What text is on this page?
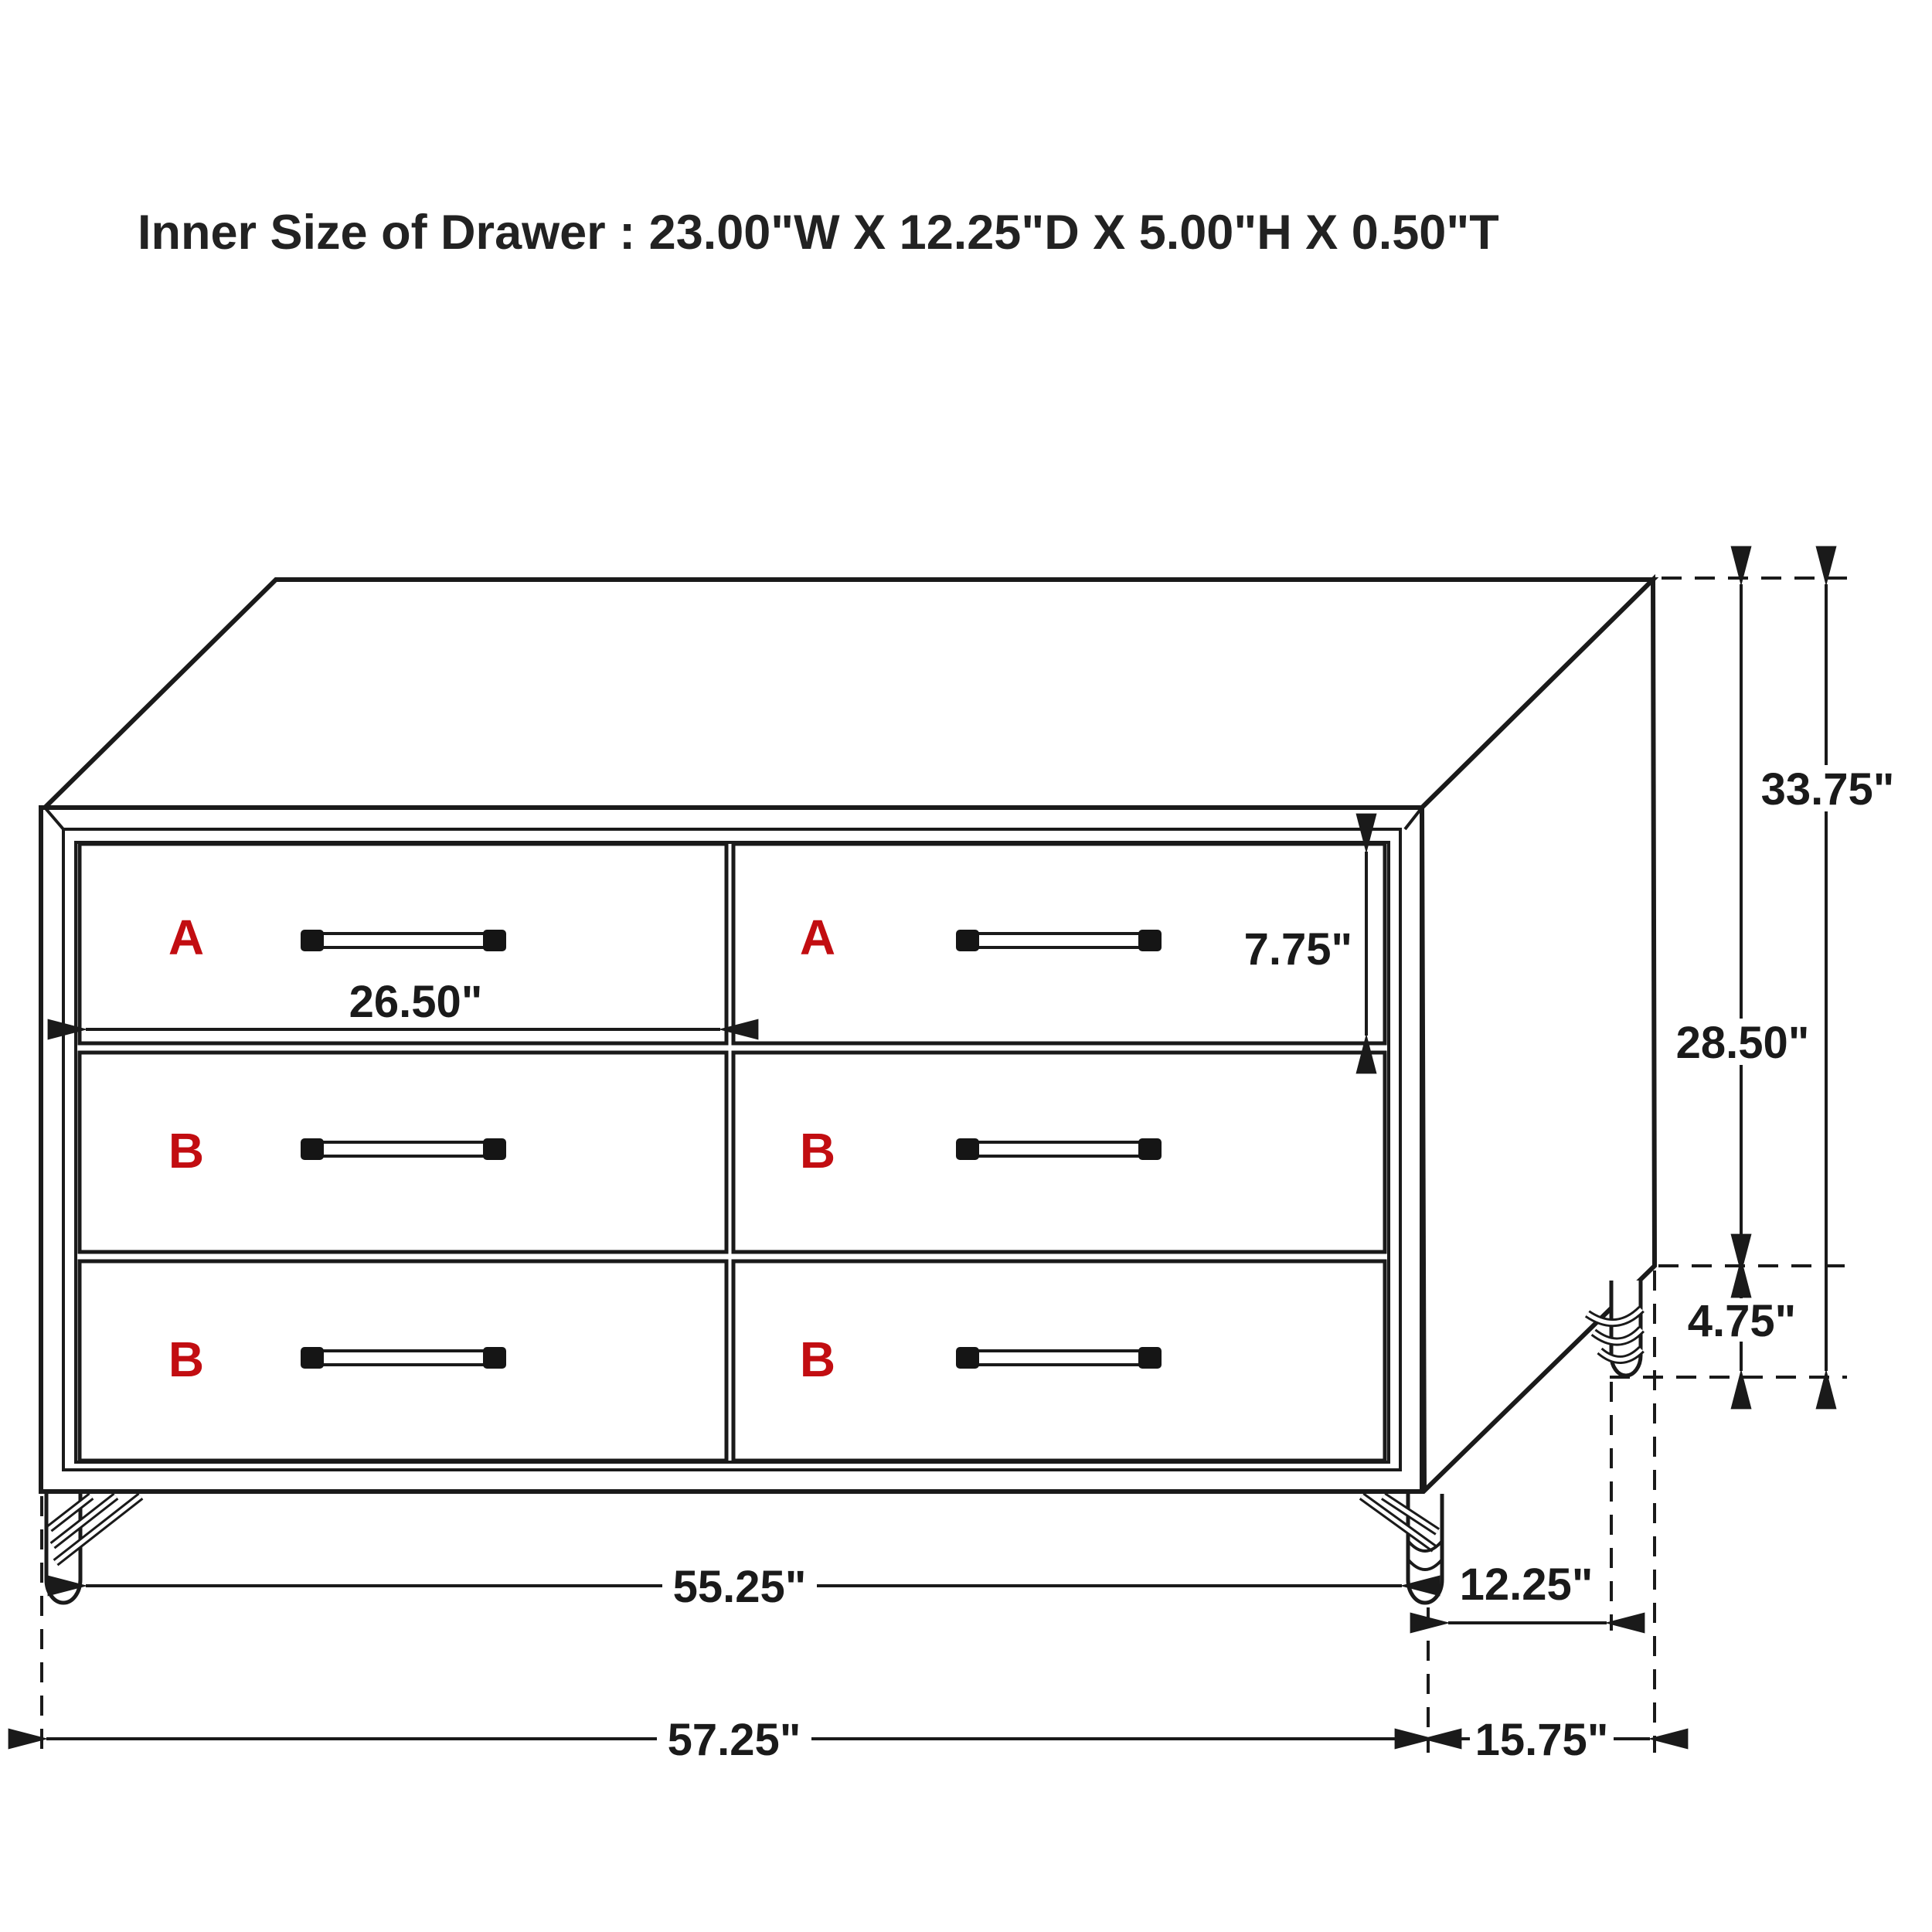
Inner Size of Drawer : 23.00"W X 12.25"D X 5.00"H X 0.50"T
A	A
B	B
B	B
7.75"
26.50"
33.75"
28.50"
4.75"
55.25"	12.25"
57.25"	15.75"
